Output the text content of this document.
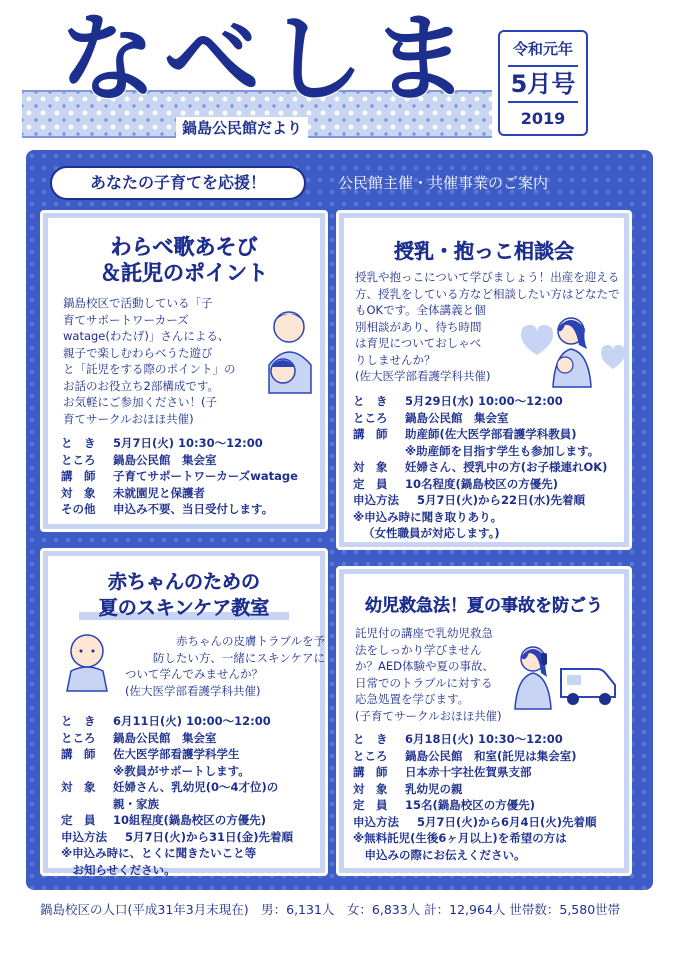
なべしま
鍋島公民館だより
令和元年
5月号
2019
あなたの子育てを応援！	公民館主催・共催事業のご案内
わらべ歌あそび
＆託児のポイント
鍋島校区で活動している「子
育てサポートワーカーズ
watage(わたげ)」さんによる、
親子で楽しむわらべうた遊び
と「託児をする際のポイント」の
お話のお役立ち2部構成です。
お気軽にご参加ください！(子
育てサークルおほほ共催)
と　き	5月7日(火) 10:30～12:00
ところ	鍋島公民館　集会室
講　師	子育てサポートワーカーズwatage
対　象	未就園児と保護者
その他	申込み不要、当日受付します。
授乳・抱っこ相談会
授乳や抱っこについて学びましょう！出産を迎える
方、授乳をしている方など相談したい方はどなたで
もOKです。全体講義と個
別相談があり、待ち時間
は育児についておしゃべ
りしませんか？
(佐大医学部看護学科共催)
と　き	5月29日(水) 10:00～12:00
ところ	鍋島公民館　集会室
講　師	助産師(佐大医学部看護学科教員)
※助産師を目指す学生も参加します。
対　象	妊婦さん、授乳中の方(お子様連れOK)
定　員	10名程度(鍋島校区の方優先)
申込方法	5月7日(火)から22日(水)先着順
※申込み時に聞き取りあり。
（女性職員が対応します。)
赤ちゃんのための
夏のスキンケア教室
赤ちゃんの皮膚トラブルを予
防したい方、一緒にスキンケアに
ついて学んでみませんか？
(佐大医学部看護学科共催)
と　き	6月11日(火) 10:00～12:00
ところ	鍋島公民館　集会室
講　師	佐大医学部看護学科学生
※教員がサポートします。
対　象	妊婦さん、乳幼児(0～4才位)の
親・家族
定　員	10組程度(鍋島校区の方優先)
申込方法	5月7日(火)から31日(金)先着順
※申込み時に、とくに聞きたいこと等
　お知らせください。
幼児救急法！夏の事故を防ごう
託児付の講座で乳幼児救急
法をしっかり学びません
か？AED体験や夏の事故、
日常でのトラブルに対する
応急処置を学びます。
(子育てサークルおほほ共催)
と　き	6月18日(火) 10:30～12:00
ところ	鍋島公民館　和室(託児は集会室)
講　師	日本赤十字社佐賀県支部
対　象	乳幼児の親
定　員	15名(鍋島校区の方優先)
申込方法	5月7日(火)から6月4日(火)先着順
※無料託児(生後6ヶ月以上)を希望の方は
　申込みの際にお伝えください。
鍋島校区の人口(平成31年3月末現在)　男：6,131人　女：6,833人 計：12,964人 世帯数：5,580世帯
